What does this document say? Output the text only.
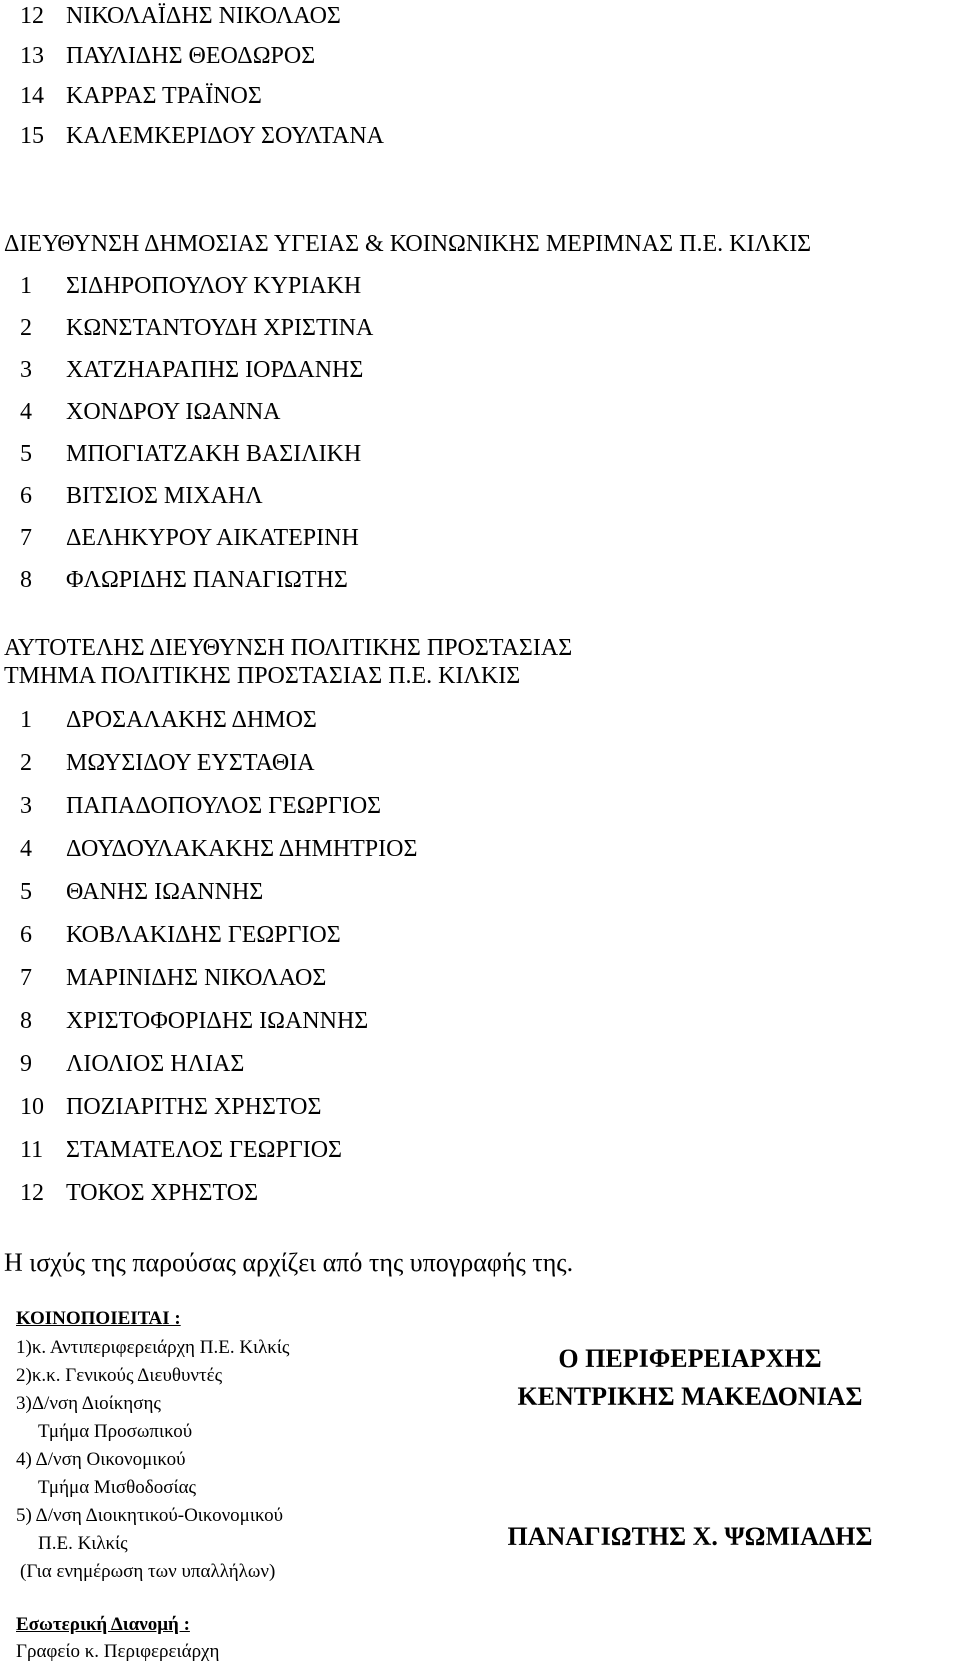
12 ΝΙΚΟΛΑΪΔΗΣ ΝΙΚΟΛΑΟΣ
13 ΠΑΥΛΙΔΗΣ ΘΕΟΔΩΡΟΣ
14 ΚΑΡΡΑΣ ΤΡΑΪΝΟΣ
15 ΚΑΛΕΜΚΕΡΙΔΟΥ ΣΟΥΛΤΑΝΑ
ΔΙΕΥΘΥΝΣΗ ΔΗΜΟΣΙΑΣ ΥΓΕΙΑΣ & ΚΟΙΝΩΝΙΚΗΣ ΜΕΡΙΜΝΑΣ Π.Ε. ΚΙΛΚΙΣ
1	ΣΙΔΗΡΟΠΟΥΛΟΥ ΚΥΡΙΑΚΗ
2	ΚΩΝΣΤΑΝΤΟΥΔΗ ΧΡΙΣΤΙΝΑ
3	ΧΑΤΖΗΑΡΑΠΗΣ ΙΟΡΔΑΝΗΣ
4	ΧΟΝΔΡΟΥ ΙΩΑΝΝΑ
5	ΜΠΟΓΙΑΤΖΑΚΗ ΒΑΣΙΛΙΚΗ
6	ΒΙΤΣΙΟΣ ΜΙΧΑΗΛ
7	ΔΕΛΗΚΥΡΟΥ ΑΙΚΑΤΕΡΙΝΗ
8	ΦΛΩΡΙΔΗΣ ΠΑΝΑΓΙΩΤΗΣ
ΑΥΤΟΤΕΛΗΣ ΔΙΕΥΘΥΝΣΗ ΠΟΛΙΤΙΚΗΣ ΠΡΟΣΤΑΣΙΑΣ
ΤΜΗΜΑ ΠΟΛΙΤΙΚΗΣ ΠΡΟΣΤΑΣΙΑΣ Π.Ε. ΚΙΛΚΙΣ
1	ΔΡΟΣΑΛΑΚΗΣ ΔΗΜΟΣ
2	ΜΩΥΣΙΔΟΥ ΕΥΣΤΑΘΙΑ
3	ΠΑΠΑΔΟΠΟΥΛΟΣ ΓΕΩΡΓΙΟΣ
4	ΔΟΥΔΟΥΛΑΚΑΚΗΣ ΔΗΜΗΤΡΙΟΣ
5	ΘΑΝΗΣ ΙΩΑΝΝΗΣ
6	ΚΟΒΛΑΚΙΔΗΣ ΓΕΩΡΓΙΟΣ
7	ΜΑΡΙΝΙΔΗΣ ΝΙΚΟΛΑΟΣ
8	ΧΡΙΣΤΟΦΟΡΙΔΗΣ ΙΩΑΝΝΗΣ
9	ΛΙΟΛΙΟΣ ΗΛΙΑΣ
10 ΠΟΖΙΑΡΙΤΗΣ ΧΡΗΣΤΟΣ
11 ΣΤΑΜΑΤΕΛΟΣ ΓΕΩΡΓΙΟΣ
12 ΤΟΚΟΣ ΧΡΗΣΤΟΣ
Η ισχύς της παρούσας αρχίζει από της υπογραφής της.
ΚΟΙΝΟΠΟΙΕΙΤΑΙ :
1)κ. Αντιπεριφερειάρχη Π.Ε. Κιλκίς
2)κ.κ. Γενικούς Διευθυντές
3)Δ/νση Διοίκησης
Τμήμα Προσωπικού
4) Δ/νση Οικονομικού
Τμήμα Μισθοδοσίας
5) Δ/νση Διοικητικού-Οικονομικού
Π.Ε. Κιλκίς
(Για ενημέρωση των υπαλλήλων)
Εσωτερική Διανομή :
Γραφείο κ. Περιφερειάρχη
Ο ΠΕΡΙΦΕΡΕΙΑΡΧΗΣ
ΚΕΝΤΡΙΚΗΣ ΜΑΚΕΔΟΝΙΑΣ
ΠΑΝΑΓΙΩΤΗΣ Χ. ΨΩΜΙΑΔΗΣ
